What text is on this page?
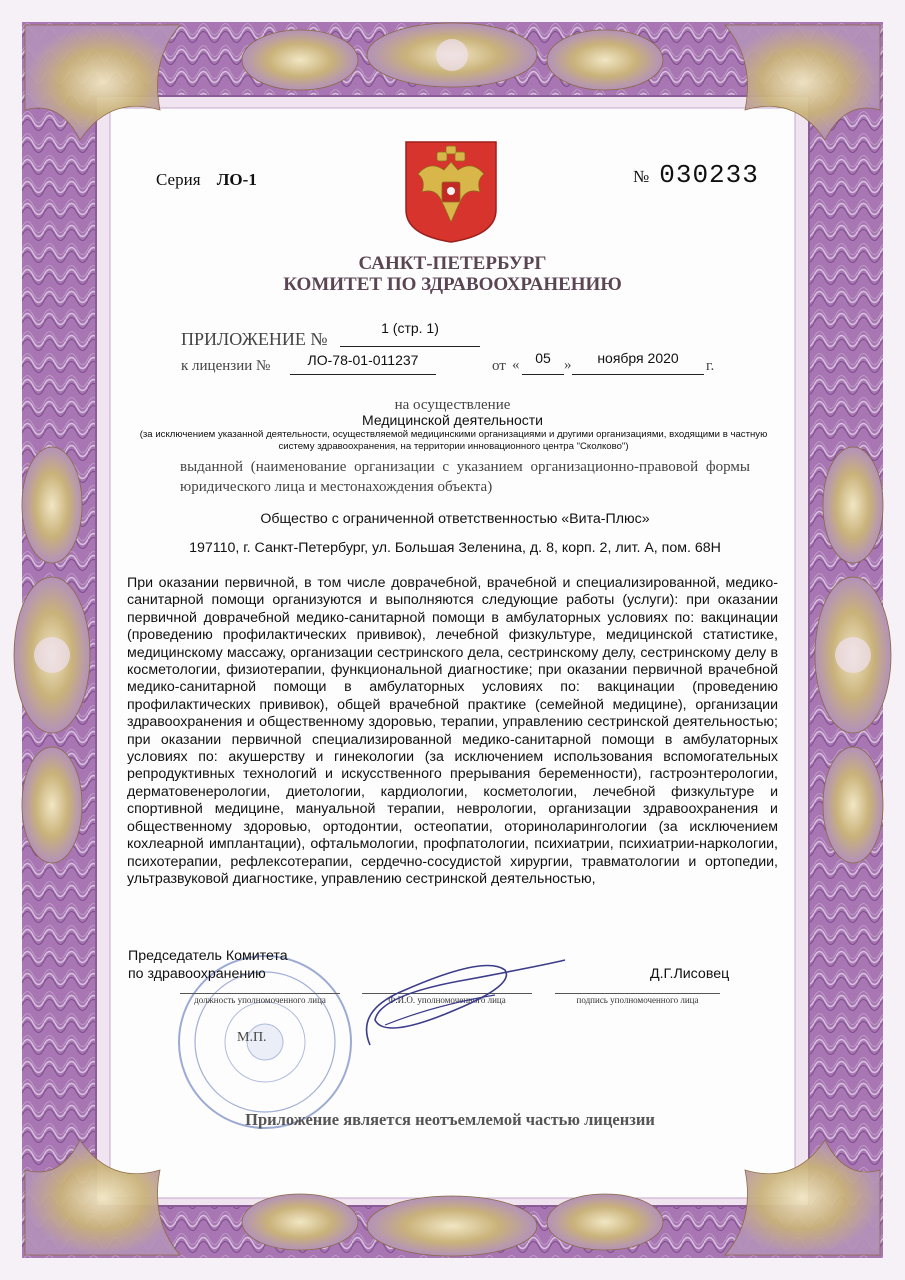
Серия ЛО-1	№ 030233
САНКТ-ПЕТЕРБУРГ
КОМИТЕТ ПО ЗДРАВООХРАНЕНИЮ
ПРИЛОЖЕНИЕ №
1 (стр. 1)
к лицензии №	ЛО-78-01-011237	от «	05 »	ноября 2020	г.
на осуществление
Медицинской деятельности
(за исключением указанной деятельности, осуществляемой медицинскими организациями и другими организациями, входящими в частную систему здравоохранения, на территории инновационного центра "Сколково")
выданной (наименование организации с указанием организационно-правовой формы юридического лица и местонахождения объекта)
Общество с ограниченной ответственностью «Вита-Плюс»
197110, г. Санкт-Петербург, ул. Большая Зеленина, д. 8, корп. 2, лит. А, пом. 68Н
При оказании первичной, в том числе доврачебной, врачебной и специализированной, медико-санитарной помощи организуются и выполняются следующие работы (услуги): при оказании первичной доврачебной медико-санитарной помощи в амбулаторных условиях по: вакцинации (проведению профилактических прививок), лечебной физкультуре, медицинской статистике, медицинскому массажу, организации сестринского дела, сестринскому делу, сестринскому делу в косметологии, физиотерапии, функциональной диагностике; при оказании первичной врачебной медико-санитарной помощи в амбулаторных условиях по: вакцинации (проведению профилактических прививок), общей врачебной практике (семейной медицине), организации здравоохранения и общественному здоровью, терапии, управлению сестринской деятельностью; при оказании первичной специализированной медико-санитарной помощи в амбулаторных условиях по: акушерству и гинекологии (за исключением использования вспомогательных репродуктивных технологий и искусственного прерывания беременности), гастроэнтерологии, дерматовенерологии, диетологии, кардиологии, косметологии, лечебной физкультуре и спортивной медицине, мануальной терапии, неврологии, организации здравоохранения и общественному здоровью, ортодонтии, остеопатии, оториноларингологии (за исключением кохлеарной имплантации), офтальмологии, профпатологии, психиатрии, психиатрии-наркологии, психотерапии, рефлексотерапии, сердечно-сосудистой хирургии, травматологии и ортопедии, ультразвуковой диагностике, управлению сестринской деятельностью,
Председатель Комитета
по здравоохранению	Д.Г.Лисовец
должность уполномоченного лица	Ф.И.О. уполномоченного лица	подпись уполномоченного лица
М.П.
Приложение является неотъемлемой частью лицензии
